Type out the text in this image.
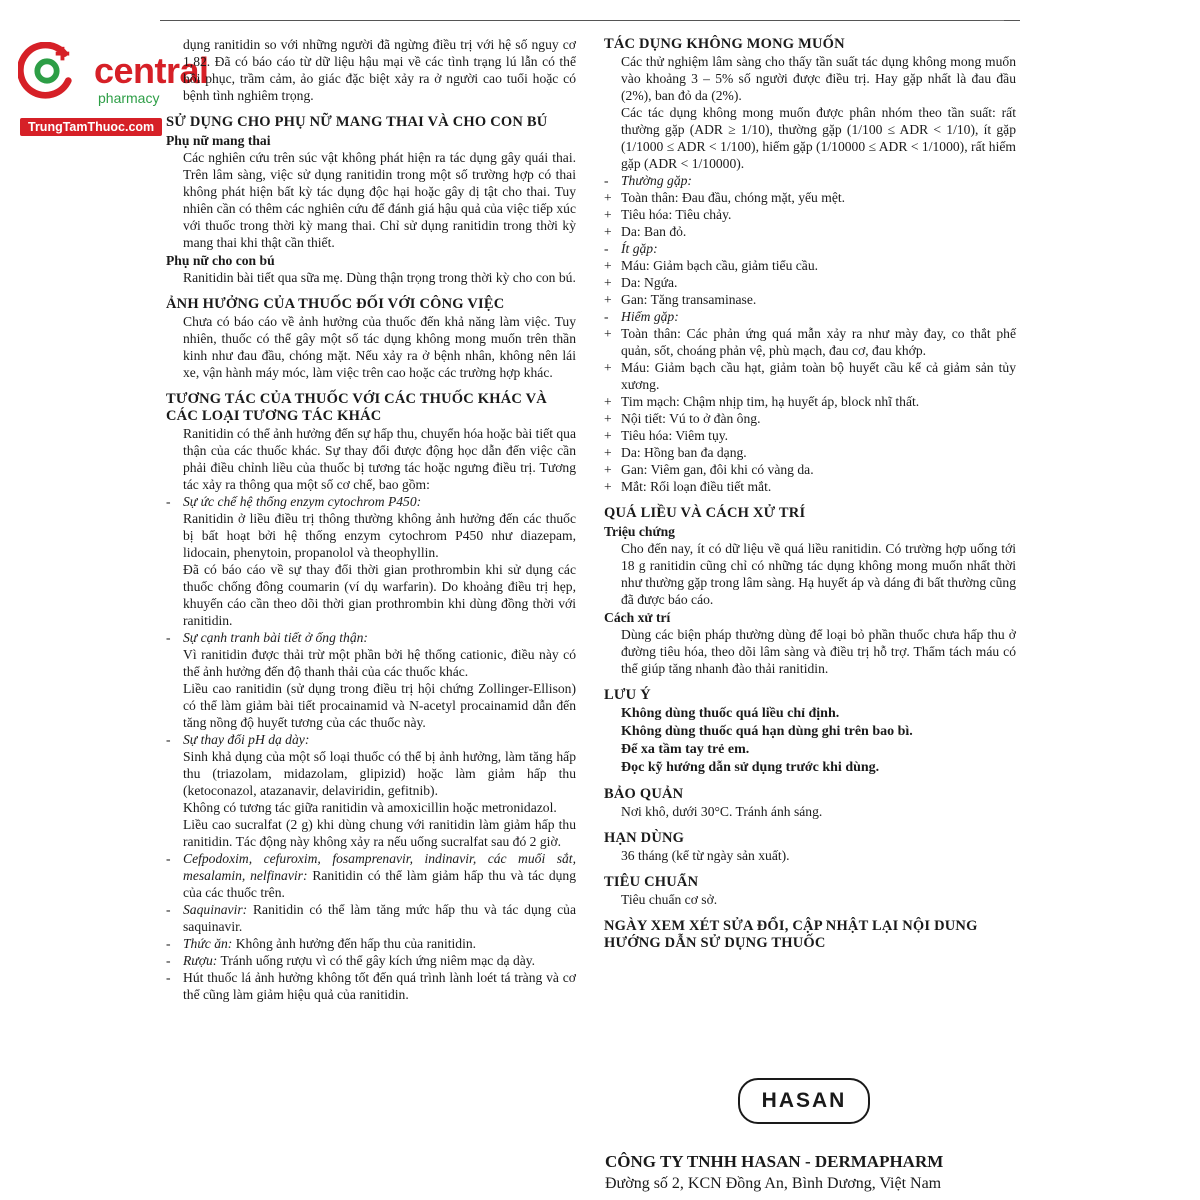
central
pharmacy
TrungTamThuoc.com

dụng ranitidin so với những người đã ngừng điều trị với hệ số nguy cơ 1,82. Đã có báo cáo từ dữ liệu hậu mại về các tình trạng lú lẫn có thể hồi phục, trầm cảm, ảo giác đặc biệt xảy ra ở người cao tuổi hoặc có bệnh tình nghiêm trọng.

SỬ DỤNG CHO PHỤ NỮ MANG THAI VÀ CHO CON BÚ
Phụ nữ mang thai

Các nghiên cứu trên súc vật không phát hiện ra tác dụng gây quái thai. Trên lâm sàng, việc sử dụng ranitidin trong một số trường hợp có thai không phát hiện bất kỳ tác dụng độc hại hoặc gây dị tật cho thai. Tuy nhiên cần có thêm các nghiên cứu để đánh giá hậu quả của việc tiếp xúc với thuốc trong thời kỳ mang thai. Chỉ sử dụng ranitidin trong thời kỳ mang thai khi thật cần thiết.

Phụ nữ cho con bú

Ranitidin bài tiết qua sữa mẹ. Dùng thận trọng trong thời kỳ cho con bú.

ẢNH HƯỞNG CỦA THUỐC ĐỐI VỚI CÔNG VIỆC

Chưa có báo cáo về ảnh hưởng của thuốc đến khả năng làm việc. Tuy nhiên, thuốc có thể gây một số tác dụng không mong muốn trên thần kinh như đau đầu, chóng mặt. Nếu xảy ra ở bệnh nhân, không nên lái xe, vận hành máy móc, làm việc trên cao hoặc các trường hợp khác.

TƯƠNG TÁC CỦA THUỐC VỚI CÁC THUỐC KHÁC VÀ CÁC LOẠI TƯƠNG TÁC KHÁC

Ranitidin có thể ảnh hưởng đến sự hấp thu, chuyển hóa hoặc bài tiết qua thận của các thuốc khác. Sự thay đổi được động học dẫn đến việc cần phải điều chỉnh liều của thuốc bị tương tác hoặc ngưng điều trị. Tương tác xảy ra thông qua một số cơ chế, bao gồm:

- Sự ức chế hệ thống enzym cytochrom P450:

Ranitidin ở liều điều trị thông thường không ảnh hưởng đến các thuốc bị bất hoạt bởi hệ thống enzym cytochrom P450 như diazepam, lidocain, phenytoin, propanolol và theophyllin.

Đã có báo cáo về sự thay đổi thời gian prothrombin khi sử dụng các thuốc chống đông coumarin (ví dụ warfarin). Do khoảng điều trị hẹp, khuyến cáo cần theo dõi thời gian prothrombin khi dùng đồng thời với ranitidin.

- Sự cạnh tranh bài tiết ở ống thận:

Vì ranitidin được thải trừ một phần bởi hệ thống cationic, điều này có thể ảnh hưởng đến độ thanh thải của các thuốc khác.

Liều cao ranitidin (sử dụng trong điều trị hội chứng Zollinger-Ellison) có thể làm giảm bài tiết procainamid và N-acetyl procainamid dẫn đến tăng nồng độ huyết tương của các thuốc này.

- Sự thay đổi pH dạ dày:

Sinh khả dụng của một số loại thuốc có thể bị ảnh hưởng, làm tăng hấp thu (triazolam, midazolam, glipizid) hoặc làm giảm hấp thu (ketoconazol, atazanavir, delaviridin, gefitnib).

Không có tương tác giữa ranitidin và amoxicillin hoặc metronidazol.

Liều cao sucralfat (2 g) khi dùng chung với ranitidin làm giảm hấp thu ranitidin. Tác động này không xảy ra nếu uống sucralfat sau đó 2 giờ.

- Cefpodoxim, cefuroxim, fosamprenavir, indinavir, các muối sắt, mesalamin, nelfinavir: Ranitidin có thể làm giảm hấp thu và tác dụng của các thuốc trên.
- Saquinavir: Ranitidin có thể làm tăng mức hấp thu và tác dụng của saquinavir.
- Thức ăn: Không ảnh hưởng đến hấp thu của ranitidin.
- Rượu: Tránh uống rượu vì có thể gây kích ứng niêm mạc dạ dày.
- Hút thuốc lá ảnh hưởng không tốt đến quá trình lành loét tá tràng và cơ thể cũng làm giảm hiệu quả của ranitidin.
TÁC DỤNG KHÔNG MONG MUỐN

Các thử nghiệm lâm sàng cho thấy tần suất tác dụng không mong muốn vào khoảng 3 – 5% số người được điều trị. Hay gặp nhất là đau đầu (2%), ban đỏ da (2%).

Các tác dụng không mong muốn được phân nhóm theo tần suất: rất thường gặp (ADR ≥ 1/10), thường gặp (1/100 ≤ ADR < 1/10), ít gặp (1/1000 ≤ ADR < 1/100), hiếm gặp (1/10000 ≤ ADR < 1/1000), rất hiếm gặp (ADR < 1/10000).

- Thường gặp:
+ Toàn thân: Đau đầu, chóng mặt, yếu mệt.
+ Tiêu hóa: Tiêu chảy.
+ Da: Ban đỏ.
- Ít gặp:
+ Máu: Giảm bạch cầu, giảm tiểu cầu.
+ Da: Ngứa.
+ Gan: Tăng transaminase.
- Hiếm gặp:
+ Toàn thân: Các phản ứng quá mẫn xảy ra như mày đay, co thắt phế quản, sốt, choáng phản vệ, phù mạch, đau cơ, đau khớp.
+ Máu: Giảm bạch cầu hạt, giảm toàn bộ huyết cầu kể cả giảm sản tủy xương.
+ Tim mạch: Chậm nhịp tim, hạ huyết áp, block nhĩ thất.
+ Nội tiết: Vú to ở đàn ông.
+ Tiêu hóa: Viêm tụy.
+ Da: Hồng ban đa dạng.
+ Gan: Viêm gan, đôi khi có vàng da.
+ Mắt: Rối loạn điều tiết mắt.
QUÁ LIỀU VÀ CÁCH XỬ TRÍ
Triệu chứng

Cho đến nay, ít có dữ liệu về quá liều ranitidin. Có trường hợp uống tới 18 g ranitidin cũng chỉ có những tác dụng không mong muốn nhất thời như thường gặp trong lâm sàng. Hạ huyết áp và dáng đi bất thường cũng đã được báo cáo.

Cách xử trí

Dùng các biện pháp thường dùng để loại bỏ phần thuốc chưa hấp thu ở đường tiêu hóa, theo dõi lâm sàng và điều trị hỗ trợ. Thẩm tách máu có thể giúp tăng nhanh đào thải ranitidin.

LƯU Ý
Không dùng thuốc quá liều chỉ định.
Không dùng thuốc quá hạn dùng ghi trên bao bì.
Để xa tầm tay trẻ em.
Đọc kỹ hướng dẫn sử dụng trước khi dùng.
BẢO QUẢN

Nơi khô, dưới 30°C. Tránh ánh sáng.

HẠN DÙNG

36 tháng (kể từ ngày sản xuất).

TIÊU CHUẨN

Tiêu chuẩn cơ sở.

NGÀY XEM XÉT SỬA ĐỔI, CẬP NHẬT LẠI NỘI DUNG HƯỚNG DẪN SỬ DỤNG THUỐC
HASAN
CÔNG TY TNHH HASAN - DERMAPHARM
Đường số 2, KCN Đồng An, Bình Dương, Việt Nam
